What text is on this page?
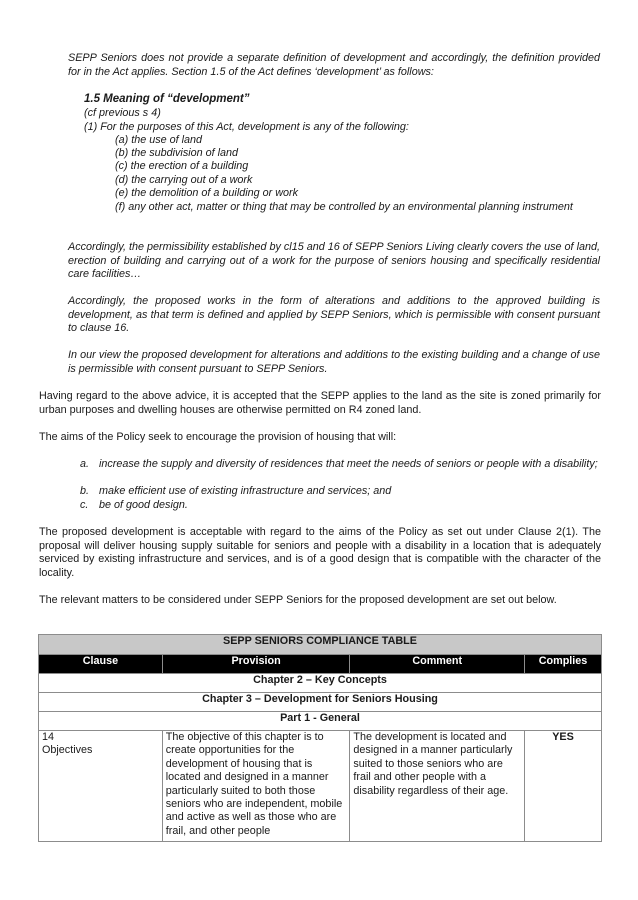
SEPP Seniors does not provide a separate definition of development and accordingly, the definition provided for in the Act applies. Section 1.5 of the Act defines ‘development’ as follows:

1.5 Meaning of “development”
(cf previous s 4)
(1) For the purposes of this Act, development is any of the following:
(a) the use of land
(b) the subdivision of land
(c) the erection of a building
(d) the carrying out of a work
(e) the demolition of a building or work
(f) any other act, matter or thing that may be controlled by an environmental planning instrument

Accordingly, the permissibility established by cl15 and 16 of SEPP Seniors Living clearly covers the use of land, erection of building and carrying out of a work for the purpose of seniors housing and specifically residential care facilities…

Accordingly, the proposed works in the form of alterations and additions to the approved building is development, as that term is defined and applied by SEPP Seniors, which is permissible with consent pursuant to clause 16.

In our view the proposed development for alterations and additions to the existing building and a change of use is permissible with consent pursuant to SEPP Seniors.

Having regard to the above advice, it is accepted that the SEPP applies to the land as the site is zoned primarily for urban purposes and dwelling houses are otherwise permitted on R4 zoned land.

The aims of the Policy seek to encourage the provision of housing that will:

a. increase the supply and diversity of residences that meet the needs of seniors or people with a disability;
b. make efficient use of existing infrastructure and services; and
c. be of good design.

The proposed development is acceptable with regard to the aims of the Policy as set out under Clause 2(1). The proposal will deliver housing supply suitable for seniors and people with a disability in a location that is adequately serviced by existing infrastructure and services, and is of a good design that is compatible with the character of the locality.

The relevant matters to be considered under SEPP Seniors for the proposed development are set out below.

SEPP SENIORS COMPLIANCE TABLE			
Clause	Provision	Comment	Complies
Chapter 2 – Key Concepts			
Chapter 3 – Development for Seniors Housing			
Part 1 - General			

14
Objectives	The objective of this chapter is to create opportunities for the development of housing that is located and designed in a manner particularly suited to both those seniors who are independent, mobile and active as well as those who are frail, and other people	The development is located and designed in a manner particularly suited to those seniors who are frail and other people with a disability regardless of their age.	YES
